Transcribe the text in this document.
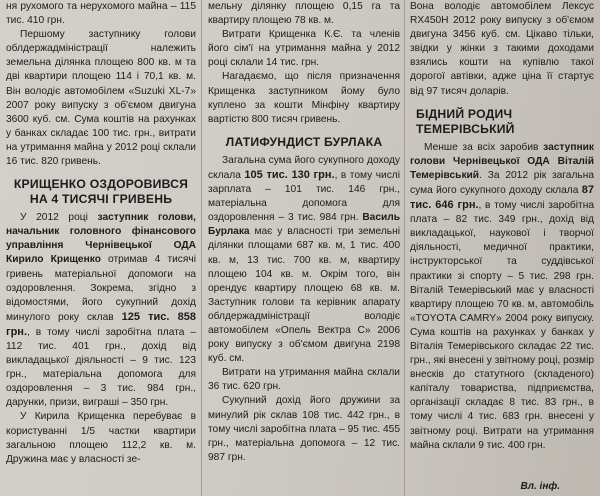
ня рухомого та нерухомого майна – 115 тис. 410 грн.

Першому заступнику голови облдержадміністрації належить земельна ділянка площею 800 кв. м та дві квартири площею 114 і 70,1 кв. м. Він володіє автомобілем «Suzuki XL-7» 2007 року випуску з об'ємом двигуна 3600 куб. см. Сума коштів на рахунках у банках складає 100 тис. грн., витрати на утримання майна у 2012 році склали 16 тис. 820 гривень.

КРИЩЕНКО ОЗДОРОВИВСЯ НА 4 ТИСЯЧІ ГРИВЕНЬ

У 2012 році заступник голови, начальник головного фінансового управління Чернівецької ОДА Кирило Крищенко отримав 4 тисячі гривень матеріальної допомоги на оздоровлення. Зокрема, згідно з відомостями, його сукупний дохід минулого року склав 125 тис. 858 грн., в тому числі заробітна плата – 112 тис. 401 грн., дохід від викладацької діяльності – 9 тис. 123 грн., матеріальна допомога для оздоровлення – 3 тис. 984 грн., дарунки, призи, виграші – 350 грн.

У Кирила Крищенка перебуває в користуванні 1/5 частки квартири загальною площею 112,2 кв. м. Дружина має у власності зе-

мельну ділянку площею 0,15 га та квартиру площею 78 кв. м.

Витрати Крищенка К.Є. та членів його сім'ї на утримання майна у 2012 році склали 14 тис. грн.

Нагадаємо, що після призначення Крищенка заступником йому було куплено за кошти Мінфіну квартиру вартістю 800 тисяч гривень.

ЛАТИФУНДИСТ БУРЛАКА

Загальна сума його сукупного доходу склала 105 тис. 130 грн., в тому числі зарплата – 101 тис. 146 грн., матеріальна допомога для оздоровлення – 3 тис. 984 грн. Василь Бурлака має у власності три земельні ділянки площами 687 кв. м, 1 тис. 400 кв. м, 13 тис. 700 кв. м, квартиру площею 104 кв. м. Окрім того, він орендує квартиру площею 68 кв. м. Заступник голови та керівник апарату облдержадміністрації володіє автомобілем «Опель Вектра С» 2006 року випуску з об'ємом двигуна 2198 куб. см.

Витрати на утримання майна склали 36 тис. 620 грн.

Сукупний дохід його дружини за минулий рік склав 108 тис. 442 грн., в тому числі заробітна плата – 95 тис. 455 грн., матеріальна допомога – 12 тис. 987 грн.

Вона володіє автомобілем Лексус RX450H 2012 року випуску з об'ємом двигуна 3456 куб. см. Цікаво тільки, звідки у жінки з такими доходами взялись кошти на купівлю такої дорогої автівки, адже ціна її стартує від 97 тисяч доларів.

БІДНИЙ РОДИЧ ТЕМЕРІВСЬКИЙ

Менше за всіх заробив заступник голови Чернівецької ОДА Віталій Темерівський. За 2012 рік загальна сума його сукупного доходу склала 87 тис. 646 грн., в тому числі заробітна плата – 82 тис. 349 грн., дохід від викладацької, наукової і творчої діяльності, медичної практики, інструкторської та суддівської практики зі спорту – 5 тис. 298 грн. Віталій Темерівський має у власності квартиру площею 70 кв. м, автомобіль «TOYOTA CAMRY» 2004 року випуску. Сума коштів на рахунках у банках у Віталія Темерівського складає 22 тис. грн., які внесені у звітному році, розмір внесків до статутного (складеного) капіталу товариства, підприємства, організації складає 8 тис. 83 грн., в тому числі 4 тис. 683 грн. внесені у звітному році. Витрати на утримання майна склали 9 тис. 400 грн.

Вл. інф.
